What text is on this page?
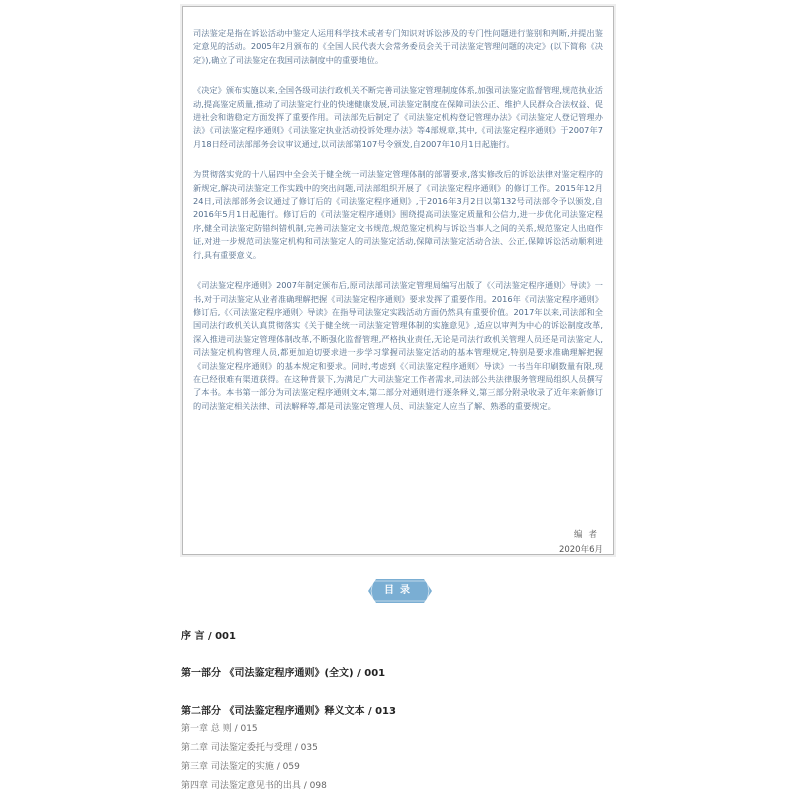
司法鉴定是指在诉讼活动中鉴定人运用科学技术或者专门知识对诉讼涉及的专门性问题进行鉴别和判断,并提出鉴定意见的活动。2005年2月颁布的《全国人民代表大会常务委员会关于司法鉴定管理问题的决定》(以下简称《决定》),确立了司法鉴定在我国司法制度中的重要地位。

《决定》颁布实施以来,全国各级司法行政机关不断完善司法鉴定管理制度体系,加强司法鉴定监督管理,规范执业活动,提高鉴定质量,推动了司法鉴定行业的快速健康发展,司法鉴定制度在保障司法公正、维护人民群众合法权益、促进社会和谐稳定方面发挥了重要作用。司法部先后制定了《司法鉴定机构登记管理办法》《司法鉴定人登记管理办法》《司法鉴定程序通则》《司法鉴定执业活动投诉处理办法》等4部规章,其中,《司法鉴定程序通则》于2007年7月18日经司法部部务会议审议通过,以司法部第107号令颁发,自2007年10月1日起施行。

为贯彻落实党的十八届四中全会关于健全统一司法鉴定管理体制的部署要求,落实修改后的诉讼法律对鉴定程序的新规定,解决司法鉴定工作实践中的突出问题,司法部组织开展了《司法鉴定程序通则》的修订工作。2015年12月24日,司法部部务会议通过了修订后的《司法鉴定程序通则》,于2016年3月2日以第132号司法部令予以颁发,自2016年5月1日起施行。修订后的《司法鉴定程序通则》围绕提高司法鉴定质量和公信力,进一步优化司法鉴定程序,健全司法鉴定防错纠错机制,完善司法鉴定文书规范,规范鉴定机构与诉讼当事人之间的关系,规范鉴定人出庭作证,对进一步规范司法鉴定机构和司法鉴定人的司法鉴定活动,保障司法鉴定活动合法、公正,保障诉讼活动顺利进行,具有重要意义。

《司法鉴定程序通则》2007年制定颁布后,原司法部司法鉴定管理局编写出版了《〈司法鉴定程序通则〉导读》一书,对于司法鉴定从业者准确理解把握《司法鉴定程序通则》要求发挥了重要作用。2016年《司法鉴定程序通则》修订后,《〈司法鉴定程序通则〉导读》在指导司法鉴定实践活动方面仍然具有重要价值。2017年以来,司法部和全国司法行政机关认真贯彻落实《关于健全统一司法鉴定管理体制的实施意见》,适应以审判为中心的诉讼制度改革,深入推进司法鉴定管理体制改革,不断强化监督管理,严格执业责任,无论是司法行政机关管理人员还是司法鉴定人,司法鉴定机构管理人员,都更加迫切要求进一步学习掌握司法鉴定活动的基本管理规定,特别是要求准确理解把握《司法鉴定程序通则》的基本规定和要求。同时,考虑到《〈司法鉴定程序通则〉导读》一书当年印刷数量有限,现在已经很难有渠道获得。在这种背景下,为满足广大司法鉴定工作者需求,司法部公共法律服务管理局组织人员撰写了本书。本书第一部分为司法鉴定程序通则文本,第二部分对通则进行逐条释义,第三部分附录收录了近年来新修订的司法鉴定相关法律、司法解释等,都是司法鉴定管理人员、司法鉴定人应当了解、熟悉的重要规定。

编者
2020年6月
目录
序 言 / 001
第一部分 《司法鉴定程序通则》(全文) / 001
第二部分 《司法鉴定程序通则》释义文本 / 013
第一章 总 则 / 015
第二章 司法鉴定委托与受理 / 035
第三章 司法鉴定的实施 / 059
第四章 司法鉴定意见书的出具 / 098
